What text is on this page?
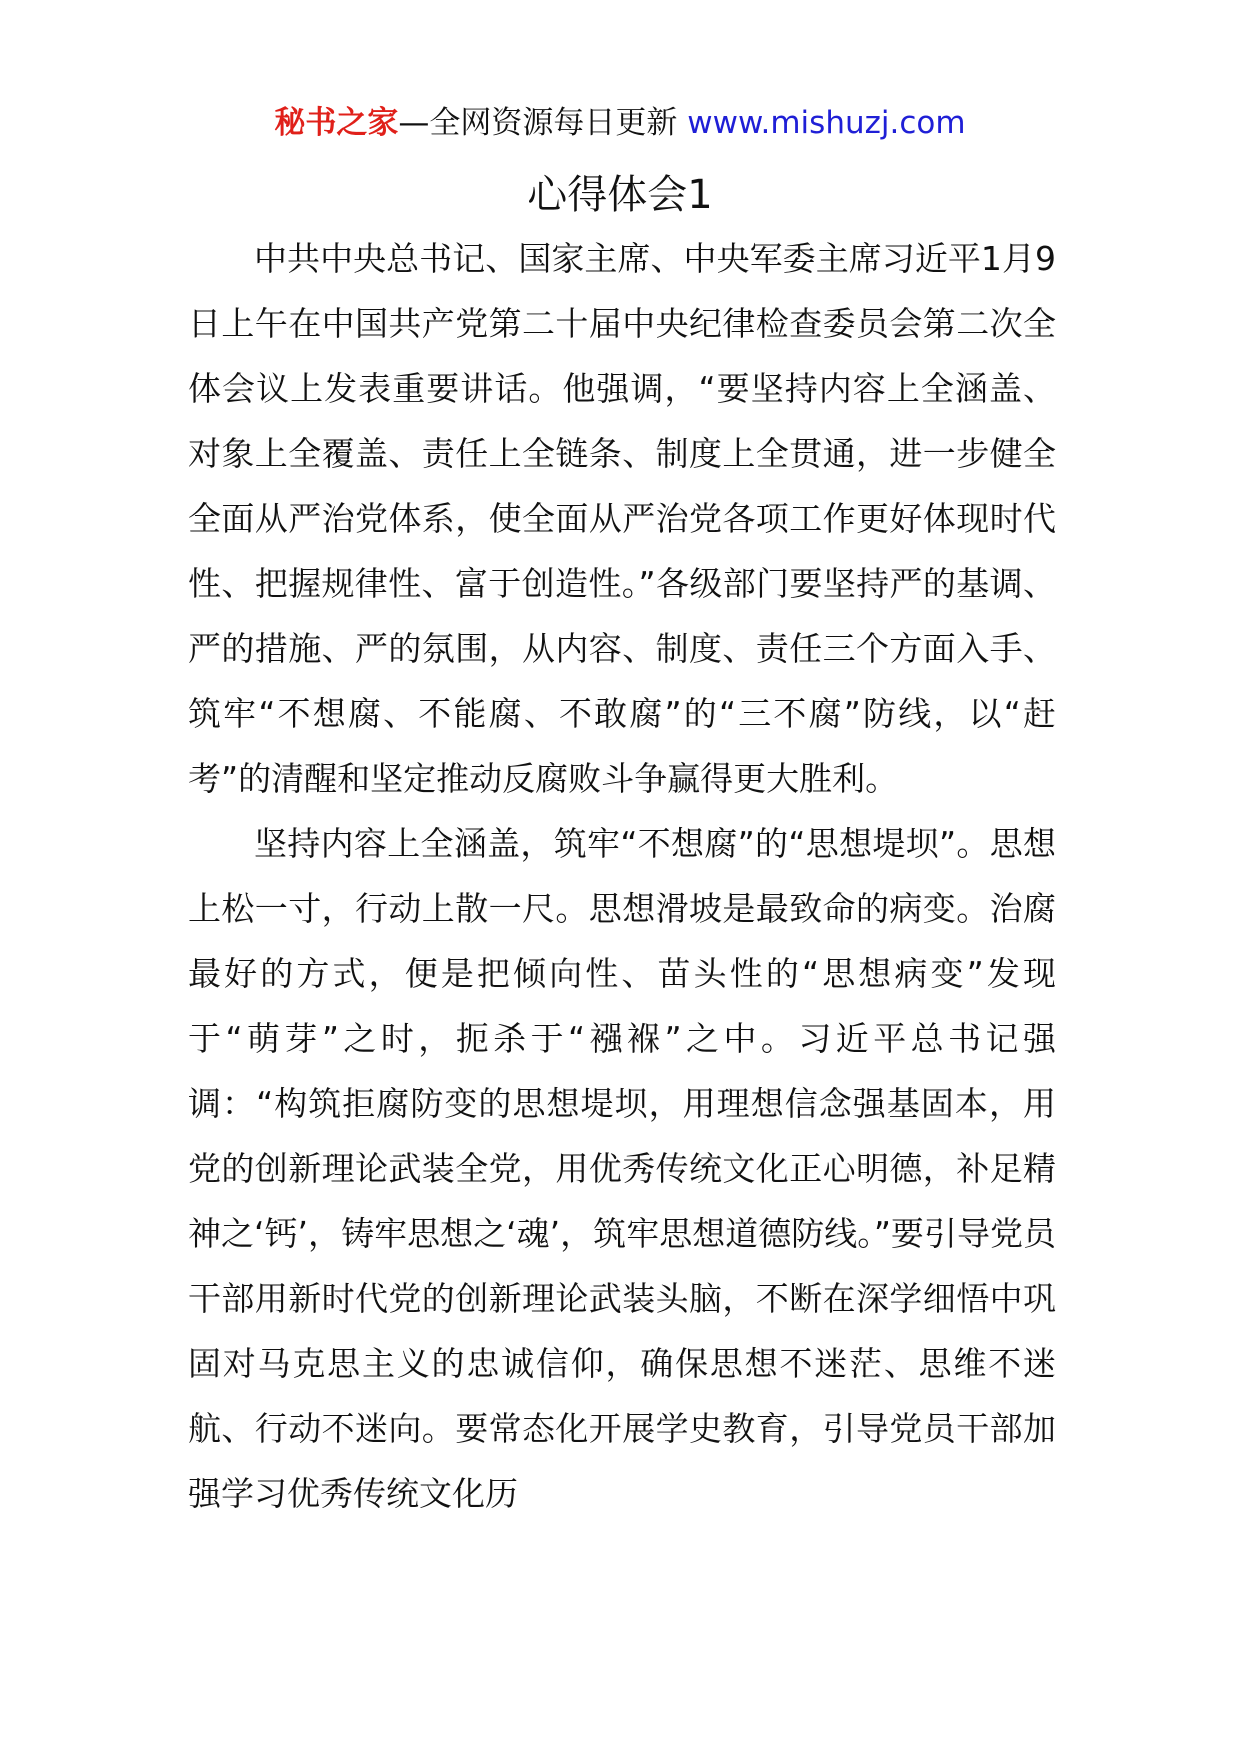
秘书之家—全网资源每日更新 www.mishuzj.com
心得体会1

中共中央总书记、国家主席、中央军委主席习近平1月9日上午在中国共产党第二十届中央纪律检查委员会第二次全体会议上发表重要讲话。他强调，“要坚持内容上全涵盖、对象上全覆盖、责任上全链条、制度上全贯通，进一步健全全面从严治党体系，使全面从严治党各项工作更好体现时代性、把握规律性、富于创造性。”各级部门要坚持严的基调、严的措施、严的氛围，从内容、制度、责任三个方面入手、筑牢“不想腐、不能腐、不敢腐”的“三不腐”防线，以“赶考”的清醒和坚定推动反腐败斗争赢得更大胜利。

坚持内容上全涵盖，筑牢“不想腐”的“思想堤坝”。思想上松一寸，行动上散一尺。思想滑坡是最致命的病变。治腐最好的方式，便是把倾向性、苗头性的“思想病变”发现于“萌芽”之时，扼杀于“襁褓”之中。习近平总书记强调：“构筑拒腐防变的思想堤坝，用理想信念强基固本，用党的创新理论武装全党，用优秀传统文化正心明德，补足精神之‘钙’，铸牢思想之‘魂’，筑牢思想道德防线。”要引导党员干部用新时代党的创新理论武装头脑，不断在深学细悟中巩固对马克思主义的忠诚信仰，确保思想不迷茫、思维不迷航、行动不迷向。要常态化开展学史教育，引导党员干部加强学习优秀传统文化历
